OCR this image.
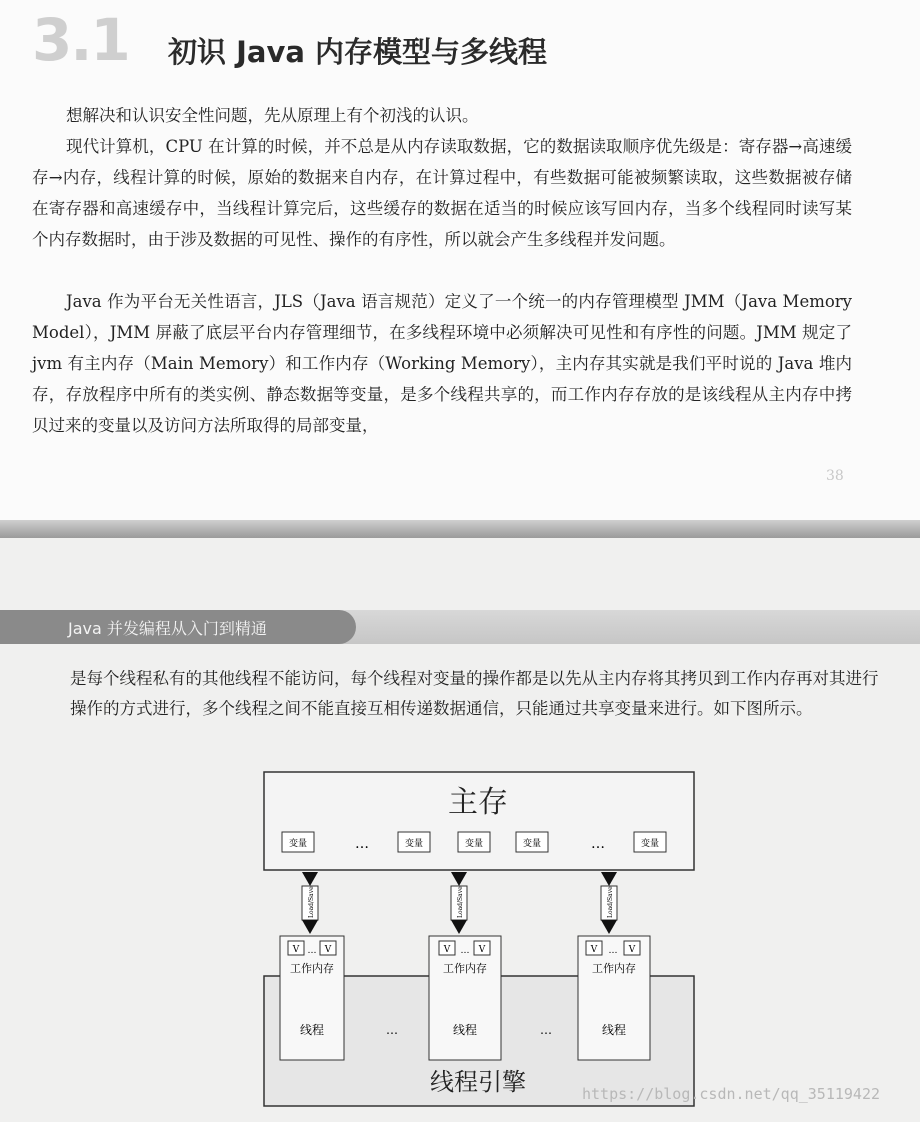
3.1 初识 Java 内存模型与多线程

想解决和认识安全性问题，先从原理上有个初浅的认识。

现代计算机，CPU 在计算的时候，并不总是从内存读取数据，它的数据读取顺序优先级是：寄存器→高速缓存→内存，线程计算的时候，原始的数据来自内存，在计算过程中，有些数据可能被频繁读取，这些数据被存储在寄存器和高速缓存中，当线程计算完后，这些缓存的数据在适当的时候应该写回内存，当多个线程同时读写某个内存数据时，由于涉及数据的可见性、操作的有序性，所以就会产生多线程并发问题。

Java 作为平台无关性语言，JLS（Java 语言规范）定义了一个统一的内存管理模型 JMM（Java Memory Model），JMM 屏蔽了底层平台内存管理细节，在多线程环境中必须解决可见性和有序性的问题。JMM 规定了 jvm 有主内存（Main Memory）和工作内存（Working Memory），主内存其实就是我们平时说的 Java 堆内存，存放程序中所有的类实例、静态数据等变量，是多个线程共享的，而工作内存存放的是该线程从主内存中拷贝过来的变量以及访问方法所取得的局部变量，

38
Java 并发编程从入门到精通

是每个线程私有的其他线程不能访问，每个线程对变量的操作都是以先从主内存将其拷贝到工作内存再对其进行操作的方式进行，多个线程之间不能直接互相传递数据通信，只能通过共享变量来进行。如下图所示。

主存
变量	…	变量	变量	变量	…	变量
线程引擎
Load/Save
V … V
工作内存
线程	…
Load/Save
V … V
工作内存
线程	…
Load/Save
V … V
工作内存
线程
https://blog.csdn.net/qq_35119422
